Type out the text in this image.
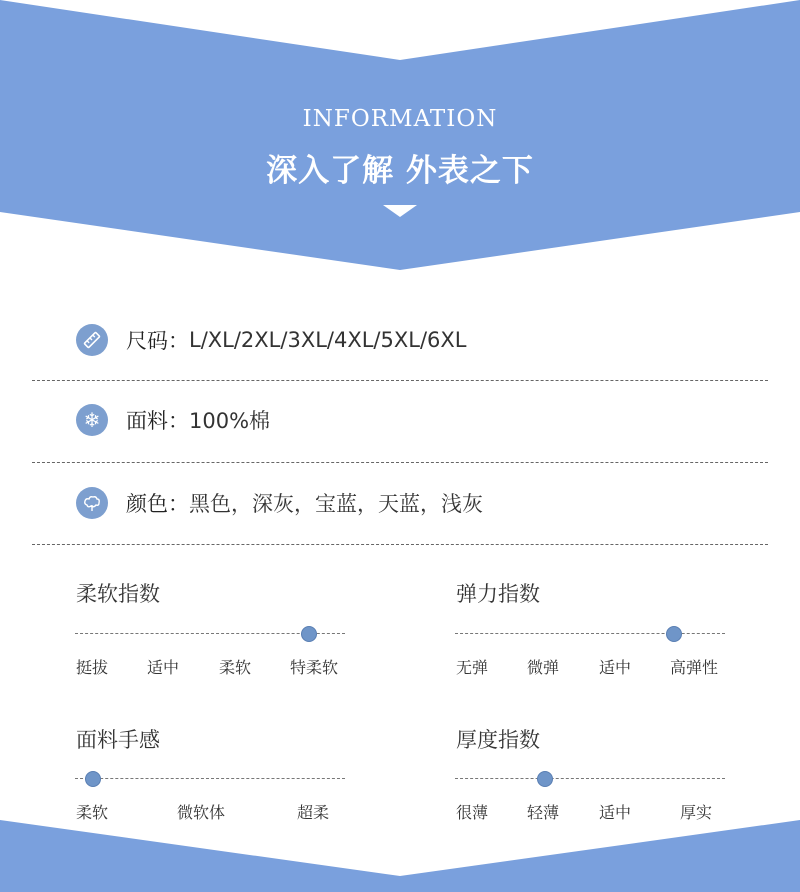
INFORMATION
深入了解 外表之下
尺码： L/XL/2XL/3XL/4XL/5XL/6XL
❄	面料： 100%棉
颜色： 黑色，深灰，宝蓝，天蓝，浅灰
柔软指数
挺拔 适中 柔软 特柔软
弹力指数
无弹 微弹 适中 高弹性
面料手感
柔软	微软体	超柔
厚度指数
很薄 轻薄 适中	厚实
